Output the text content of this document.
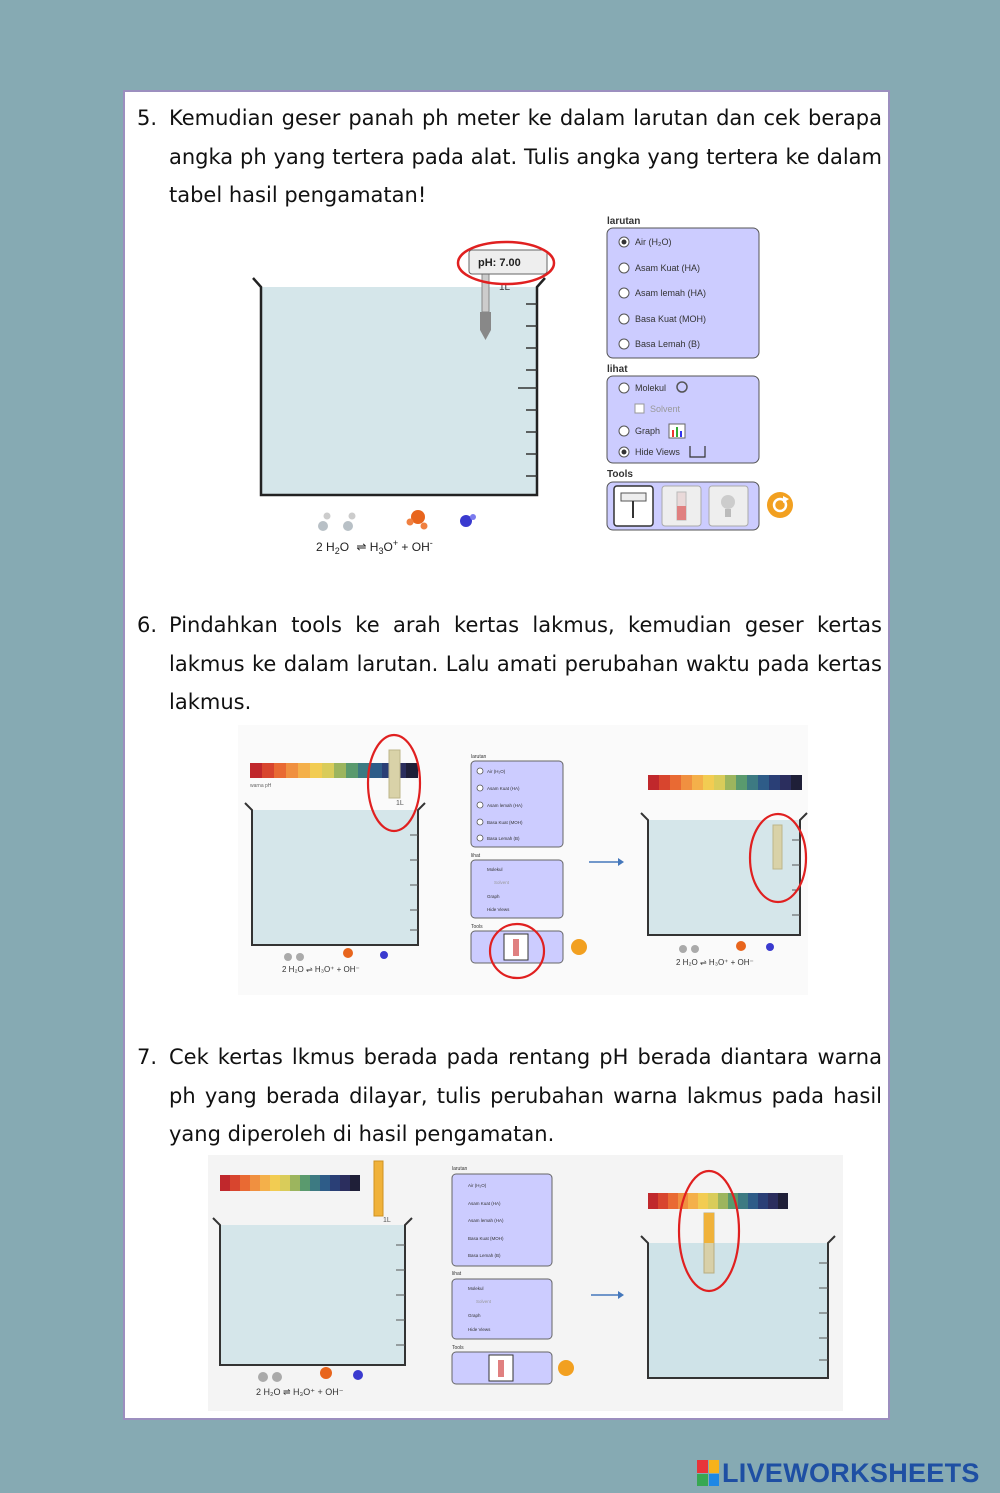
5. Kemudian geser panah ph meter ke dalam larutan dan cek berapa angka ph yang tertera pada alat. Tulis angka yang tertera ke dalam tabel hasil pengamatan!
1L
pH: 7.00
2 $H_2O$ ⇌ $H_3O^+ + OH^-$
larutan
Air (H₂O)
Asam Kuat (HA)
Asam lemah (HA)
Basa Kuat (MOH)
Basa Lemah (B)
lihat
Molekul
Solvent
Graph
Hide Views
Tools
6. Pindahkan tools ke arah kertas lakmus, kemudian geser kertas lakmus ke dalam larutan. Lalu amati perubahan waktu pada kertas lakmus.
warna pH
1L
2 H₂O ⇌ H₃O⁺ + OH⁻
larutan
Air (H₂O)
Asam Kuat (HA)
Asam lemah (HA)
Basa Kuat (MOH)
Basa Lemah (B)
lihat
Molekul
Solvent
Graph
Hide Views
Tools
2 H₂O ⇌ H₃O⁺ + OH⁻
7. Cek kertas lkmus berada pada rentang pH berada diantara warna ph yang berada dilayar, tulis perubahan warna lakmus pada hasil yang diperoleh di hasil pengamatan.
1L
2 H₂O ⇌ H₃O⁺ + OH⁻
larutan
Air (H₂O)
Asam Kuat (HA)
Asam lemah (HA)
Basa Kuat (MOH)
Basa Lemah (B)
lihat
Molekul
Solvent
Graph
Hide Views
Tools
LIVEWORKSHEETS
